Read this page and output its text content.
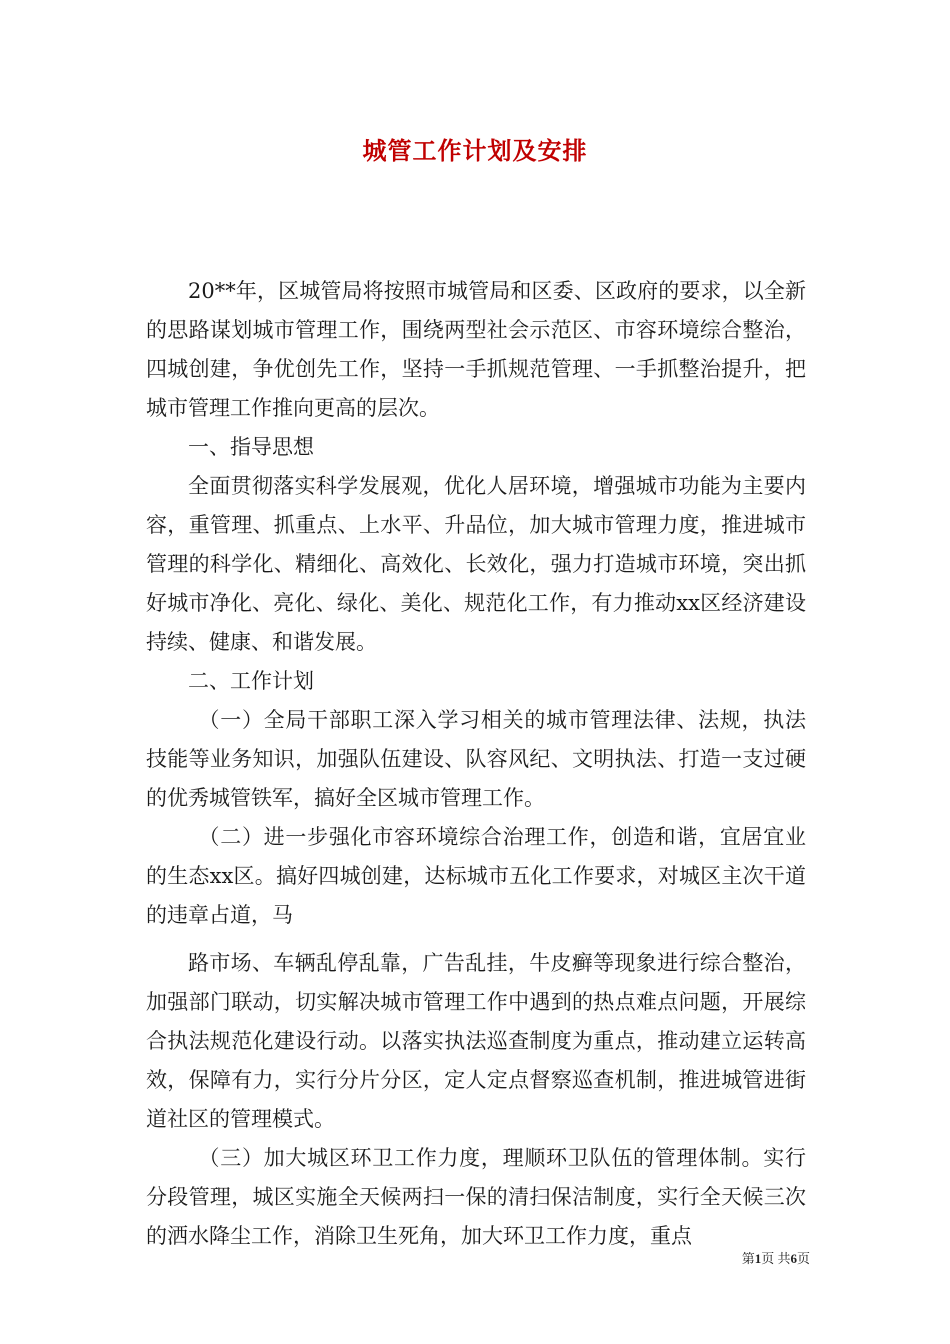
城管工作计划及安排

20**年，区城管局将按照市城管局和区委、区政府的要求，以全新的思路谋划城市管理工作，围绕两型社会示范区、市容环境综合整治，四城创建，争优创先工作，坚持一手抓规范管理、一手抓整治提升，把城市管理工作推向更高的层次。

一、指导思想

全面贯彻落实科学发展观，优化人居环境，增强城市功能为主要内容，重管理、抓重点、上水平、升品位，加大城市管理力度，推进城市管理的科学化、精细化、高效化、长效化，强力打造城市环境，突出抓好城市净化、亮化、绿化、美化、规范化工作，有力推动xx区经济建设持续、健康、和谐发展。

二、工作计划

（一）全局干部职工深入学习相关的城市管理法律、法规，执法技能等业务知识，加强队伍建设、队容风纪、文明执法、打造一支过硬的优秀城管铁军，搞好全区城市管理工作。

（二）进一步强化市容环境综合治理工作，创造和谐，宜居宜业的生态xx区。搞好四城创建，达标城市五化工作要求，对城区主次干道的违章占道，马

路市场、车辆乱停乱靠，广告乱挂，牛皮癣等现象进行综合整治，加强部门联动，切实解决城市管理工作中遇到的热点难点问题，开展综合执法规范化建设行动。以落实执法巡查制度为重点，推动建立运转高效，保障有力，实行分片分区，定人定点督察巡查机制，推进城管进街道社区的管理模式。

（三）加大城区环卫工作力度，理顺环卫队伍的管理体制。实行分段管理，城区实施全天候两扫一保的清扫保洁制度，实行全天候三次的洒水降尘工作，消除卫生死角，加大环卫工作力度，重点

第1页 共6页
